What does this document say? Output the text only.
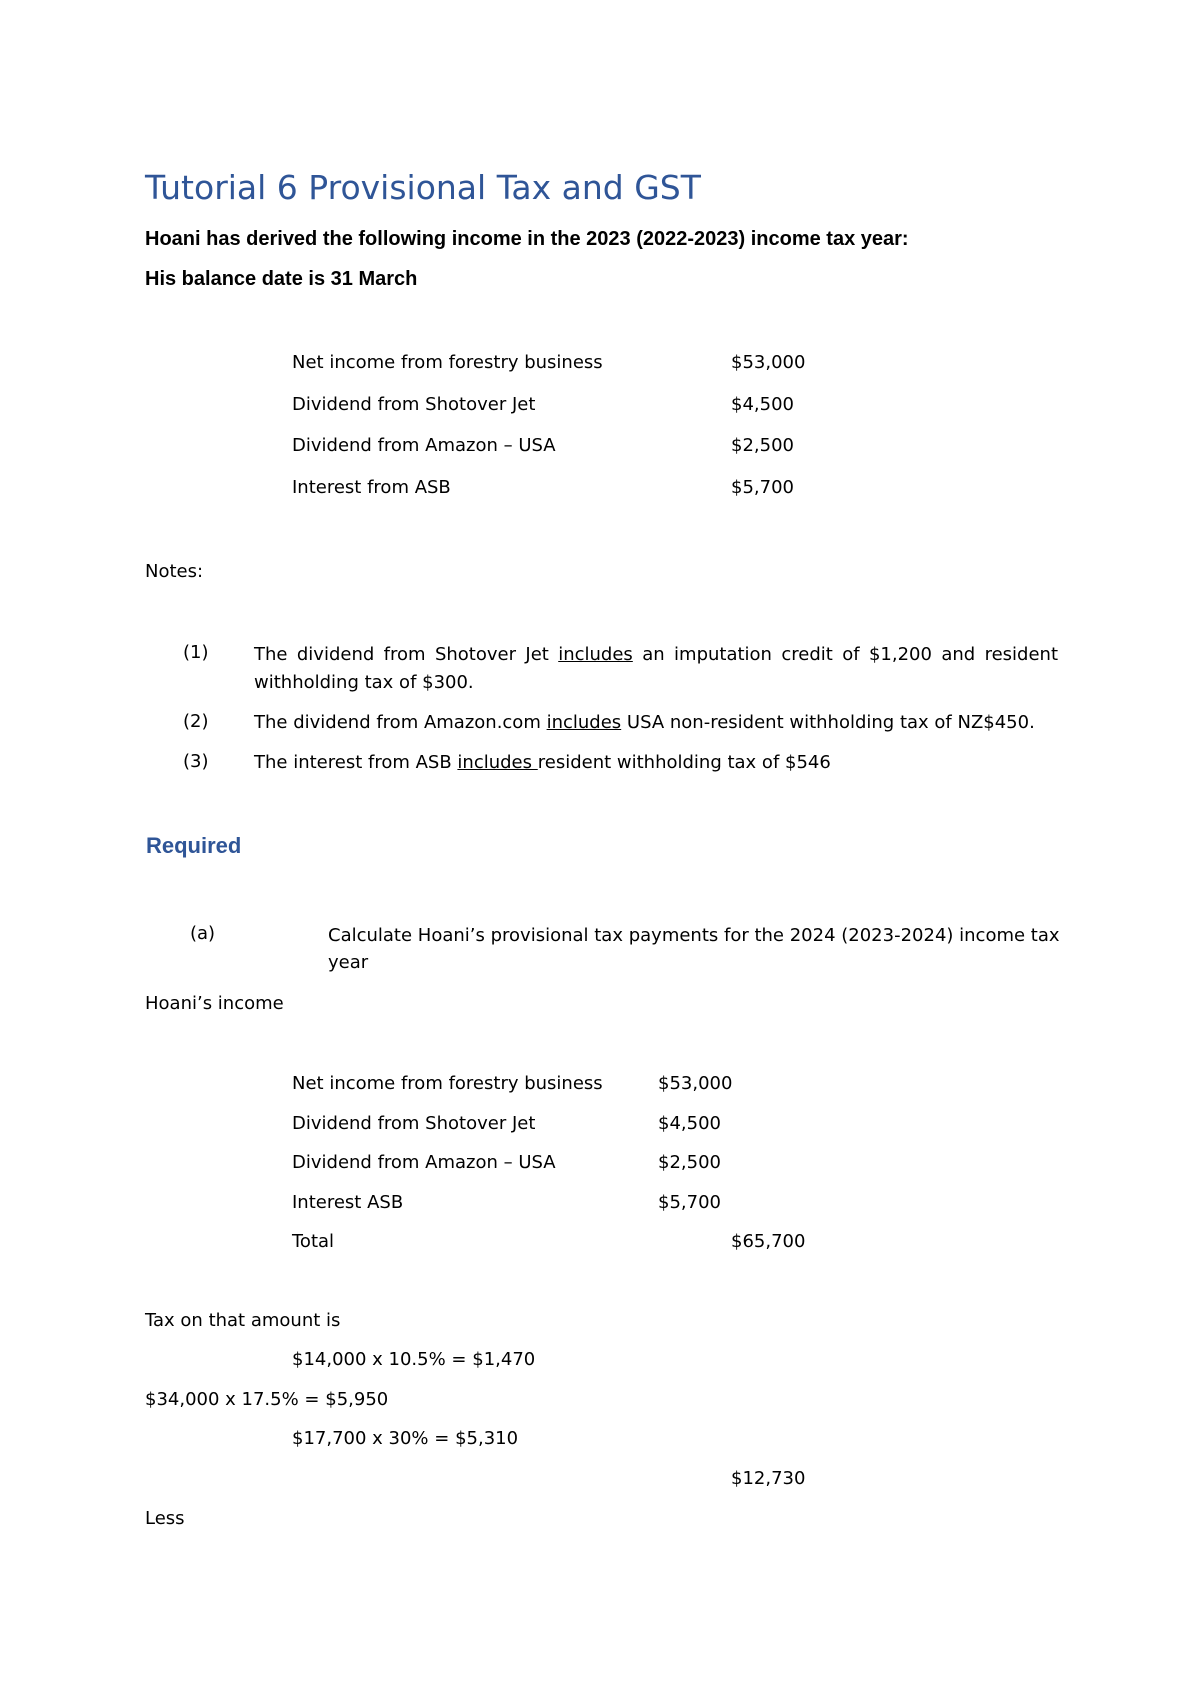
Tutorial 6 Provisional Tax and GST
Hoani has derived the following income in the 2023 (2022-2023) income tax year:
His balance date is 31 March
Net income from forestry business	$53,000
Dividend from Shotover Jet	$4,500
Dividend from Amazon – USA	$2,500
Interest from ASB	$5,700
Notes:
(1)	The dividend from Shotover Jet includes an imputation credit of $1,200 and resident withholding tax of $300.
(2)	The dividend from Amazon.com includes USA non-resident withholding tax of NZ$450.
(3)	The interest from ASB includes resident withholding tax of $546
Required
(a)	Calculate Hoani’s provisional tax payments for the 2024 (2023-2024) income tax year
Hoani’s income
Net income from forestry business	$53,000
Dividend from Shotover Jet	$4,500
Dividend from Amazon – USA	$2,500
Interest ASB	$5,700
Total	$65,700
Tax on that amount is
$14,000 x 10.5% = $1,470
$34,000 x 17.5% = $5,950
$17,700 x 30% = $5,310
$12,730
Less
